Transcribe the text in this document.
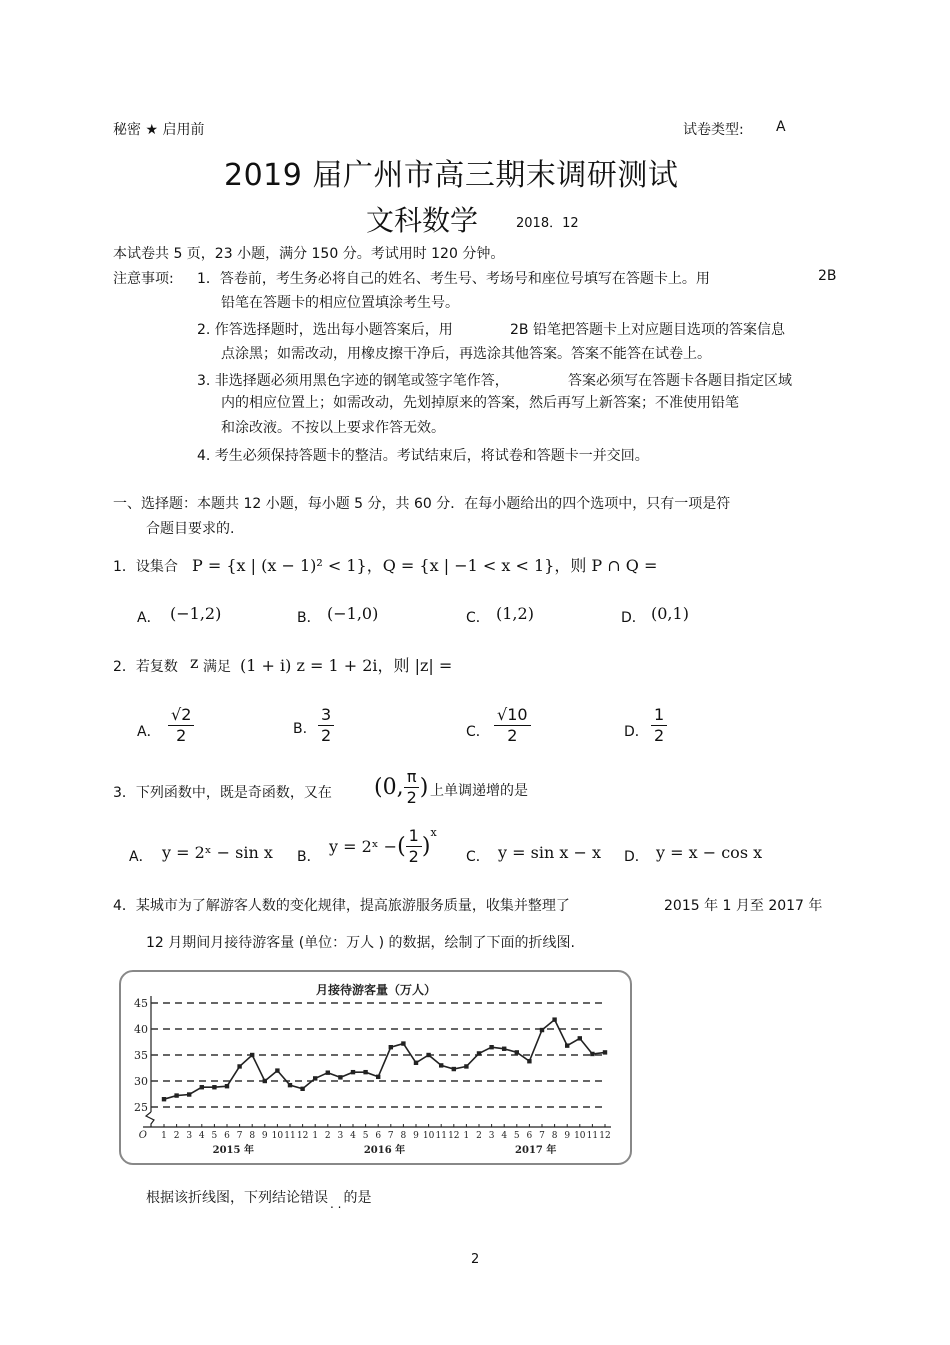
秘密 ★ 启用前	试卷类型: A
2019 届广州市高三期末调研测试
文科数学	2018．12
本试卷共 5 页，23 小题，满分 150 分。考试用时 120 分钟。
注意事项: 1．答卷前，考生务必将自己的姓名、考生号、考场号和座位号填写在答题卡上。用	2B
铅笔在答题卡的相应位置填涂考生号。
2. 作答选择题时，选出每小题答案后，用	2B 铅笔把答题卡上对应题目选项的答案信息
点涂黑；如需改动，用橡皮擦干净后，再选涂其他答案。答案不能答在试卷上。
3. 非选择题必须用黑色字迹的钢笔或签字笔作答，	答案必须写在答题卡各题目指定区域
内的相应位置上；如需改动，先划掉原来的答案，然后再写上新答案；不准使用铅笔
和涂改液。不按以上要求作答无效。
4. 考生必须保持答题卡的整洁。考试结束后，将试卷和答题卡一并交回。
一、选择题：本题共 12 小题，每小题 5 分，共 60 分．在每小题给出的四个选项中，只有一项是符
合题目要求的.
1．设集合 P = {x | (x − 1)² < 1}，Q = {x | −1 < x < 1}，则 P ∩ Q =
A． (−1,2)	B． (−1,0)	C． (1,2)	D． (0,1)
2．若复数 z 满足 (1 + i) z = 1 + 2i，则 |z| =
A． $\frac{√2}{2}$	B. $\frac{3}{2}$	C． $\frac{√10}{2}$	D． $\frac{1}{2}$
3．下列函数中，既是奇函数，又在 (0, $\frac{\pi}{2}$ ) 上单调递增的是
A． y = 2ˣ − sin x B．
y = 2ˣ −( $\frac{1}{2} )^x$
C． y = sin x − x D． y = x − cos x
4．某城市为了解游客人数的变化规律，提高旅游服务质量，收集并整理了	2015 年 1 月至 2017 年
12 月期间月接待游客量 (单位：万人 ) 的数据，绘制了下面的折线图.
月接待游客量（万人）
45
40
35
30
25
O 1 2 3 4 5 6 7 8 9 10 11 12 1 2 3 4 5 6 7 8 9 10 11 12 1 2 3 4 5 6 7 8 9 10 11 12
2015 年	2016 年	2017 年
根据该折线图，下列结论错误 . . 的是
2
